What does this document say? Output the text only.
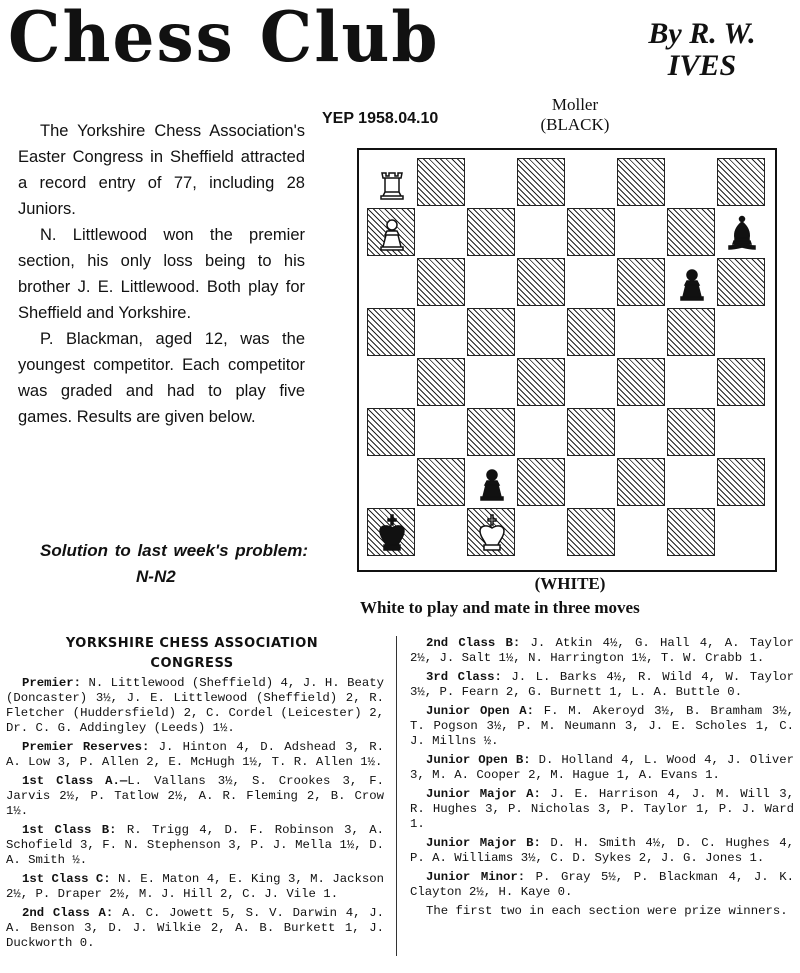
Chess Club	By R. W.
IVES
YEP 1958.04.10
Moller
(BLACK)

The Yorkshire Chess Association's Easter Congress in Sheffield attracted a record entry of 77, including 28 Juniors.

N. Littlewood won the premier section, his only loss being to his brother J. E. Littlewood. Both play for Sheffield and Yorkshire.

P. Blackman, aged 12, was the youngest competitor. Each competitor was graded and had to play five games. Results are given below.

Solution to last week's problem:
N-N2	(WHITE)
White to play and mate in three moves
YORKSHIRE CHESS ASSOCIATION
CONGRESS

Premier: N. Littlewood (Sheffield) 4, J. H. Beaty (Doncaster) 3½, J. E. Littlewood (Sheffield) 2, R. Fletcher (Huddersfield) 2, C. Cordel (Leicester) 2, Dr. C. G. Addingley (Leeds) 1½.

Premier Reserves: J. Hinton 4, D. Adshead 3, R. A. Low 3, P. Allen 2, E. McHugh 1½, T. R. Allen 1½.

1st Class A.—L. Vallans 3½, S. Crookes 3, F. Jarvis 2½, P. Tatlow 2½, A. R. Fleming 2, B. Crow 1½.

1st Class B: R. Trigg 4, D. F. Robinson 3, A. Schofield 3, F. N. Stephenson 3, P. J. Mella 1½, D. A. Smith ½.

1st Class C: N. E. Maton 4, E. King 3, M. Jackson 2½, P. Draper 2½, M. J. Hill 2, C. J. Vile 1.

2nd Class A: A. C. Jowett 5, S. V. Darwin 4, J. A. Benson 3, D. J. Wilkie 2, A. B. Burkett 1, J. Duckworth 0.

2nd Class B: J. Atkin 4½, G. Hall 4, A. Taylor 2½, J. Salt 1½, N. Harrington 1½, T. W. Crabb 1.

3rd Class: J. L. Barks 4½, R. Wild 4, W. Taylor 3½, P. Fearn 2, G. Burnett 1, L. A. Buttle 0.

Junior Open A: F. M. Akeroyd 3½, B. Bramham 3½, T. Pogson 3½, P. M. Neumann 3, J. E. Scholes 1, C. J. Millns ½.

Junior Open B: D. Holland 4, L. Wood 4, J. Oliver 3, M. A. Cooper 2, M. Hague 1, A. Evans 1.

Junior Major A: J. E. Harrison 4, J. M. Will 3, R. Hughes 3, P. Nicholas 3, P. Taylor 1, P. J. Ward 1.

Junior Major B: D. H. Smith 4½, D. C. Hughes 4, P. A. Williams 3½, C. D. Sykes 2, J. G. Jones 1.

Junior Minor: P. Gray 5½, P. Blackman 4, J. K. Clayton 2½, H. Kaye 0.

The first two in each section were prize winners.
